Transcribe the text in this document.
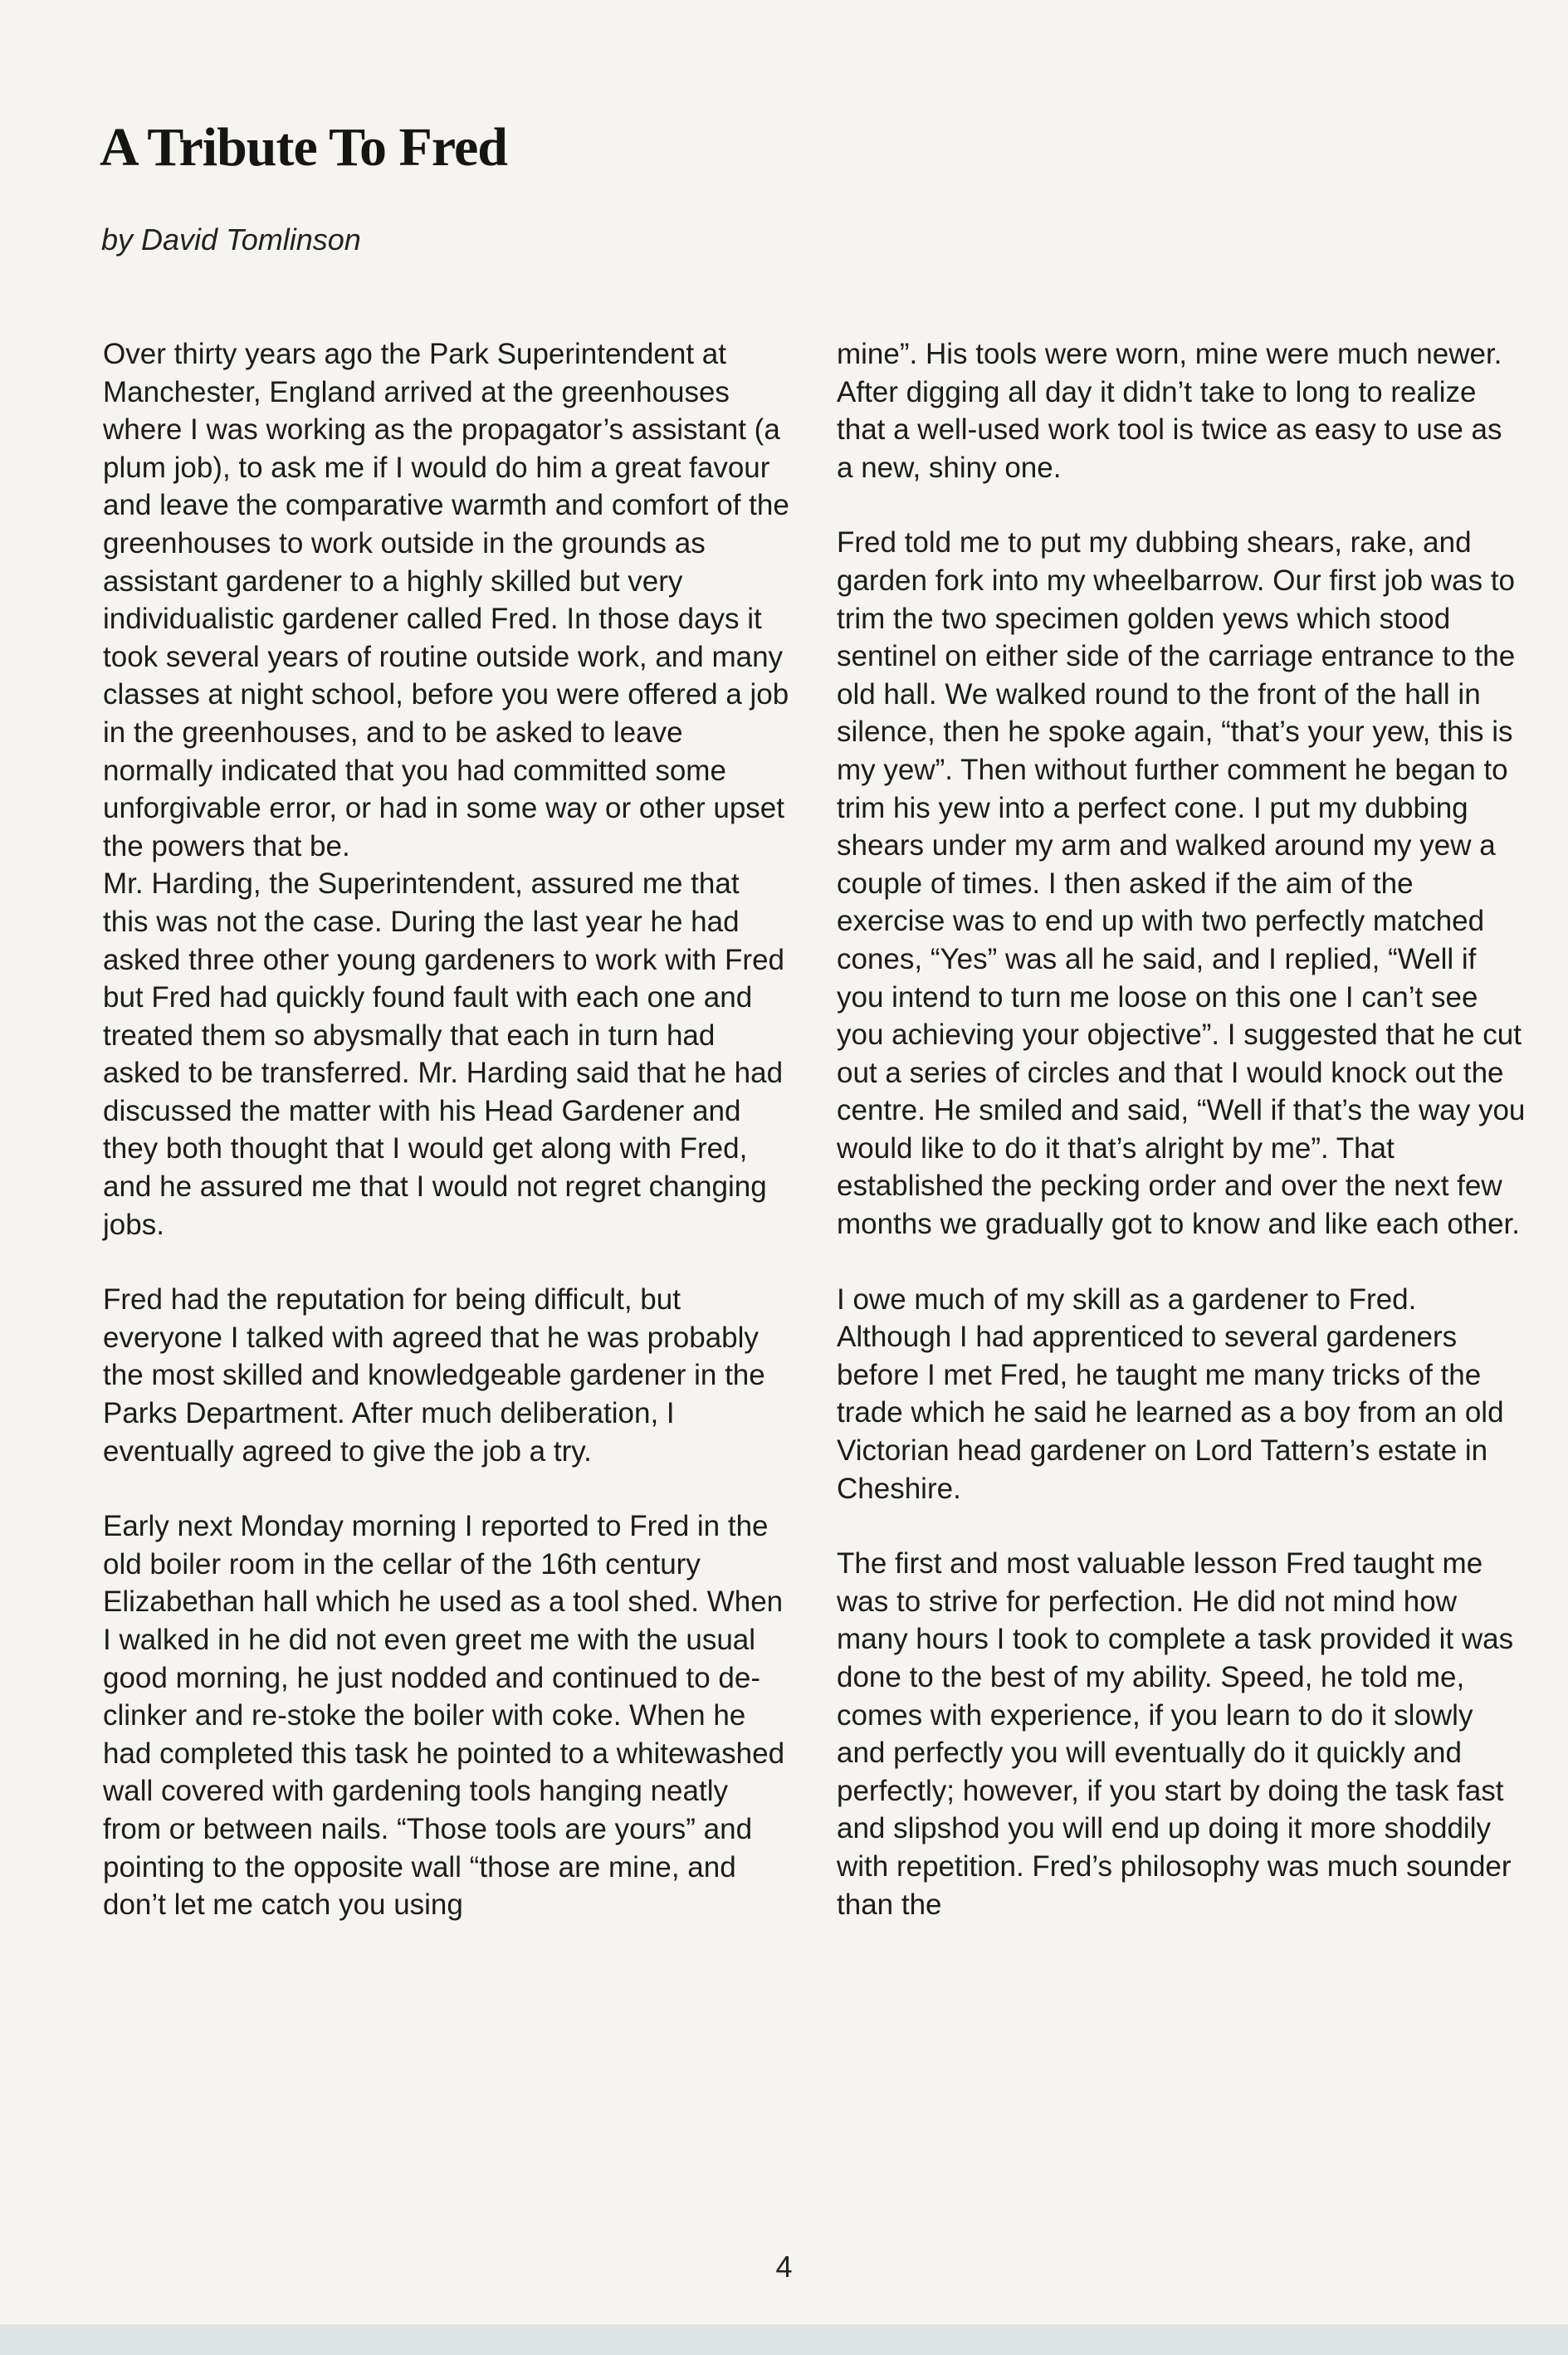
A Tribute To Fred

by David Tomlinson

Over thirty years ago the Park Superintendent at Manchester, England arrived at the greenhouses where I was working as the propagator’s assistant (a plum job), to ask me if I would do him a great favour and leave the comparative warmth and comfort of the greenhouses to work outside in the grounds as assistant gardener to a highly skilled but very individualistic gardener called Fred. In those days it took several years of routine outside work, and many classes at night school, before you were offered a job in the greenhouses, and to be asked to leave normally indicated that you had committed some unforgivable error, or had in some way or other upset the powers that be.

Mr. Harding, the Superintendent, assured me that this was not the case. During the last year he had asked three other young gardeners to work with Fred but Fred had quickly found fault with each one and treated them so abysmally that each in turn had asked to be transferred. Mr. Harding said that he had discussed the matter with his Head Gardener and they both thought that I would get along with Fred, and he assured me that I would not regret changing jobs.

Fred had the reputation for being difficult, but everyone I talked with agreed that he was probably the most skilled and knowledgeable gardener in the Parks Department. After much deliberation, I eventually agreed to give the job a try.

Early next Monday morning I reported to Fred in the old boiler room in the cellar of the 16th century Elizabethan hall which he used as a tool shed. When I walked in he did not even greet me with the usual good morning, he just nodded and continued to de-clinker and re-stoke the boiler with coke. When he had completed this task he pointed to a whitewashed wall covered with gardening tools hanging neatly from or between nails. “Those tools are yours” and pointing to the opposite wall “those are mine, and don’t let me catch you using

mine”. His tools were worn, mine were much newer. After digging all day it didn’t take to long to realize that a well-used work tool is twice as easy to use as a new, shiny one.

Fred told me to put my dubbing shears, rake, and garden fork into my wheelbarrow. Our first job was to trim the two specimen golden yews which stood sentinel on either side of the carriage entrance to the old hall. We walked round to the front of the hall in silence, then he spoke again, “that’s your yew, this is my yew”. Then without further comment he began to trim his yew into a perfect cone. I put my dubbing shears under my arm and walked around my yew a couple of times. I then asked if the aim of the exercise was to end up with two perfectly matched cones, “Yes” was all he said, and I replied, “Well if you intend to turn me loose on this one I can’t see you achieving your objective”. I suggested that he cut out a series of circles and that I would knock out the centre. He smiled and said, “Well if that’s the way you would like to do it that’s alright by me”. That established the pecking order and over the next few months we gradually got to know and like each other.

I owe much of my skill as a gardener to Fred. Although I had apprenticed to several gardeners before I met Fred, he taught me many tricks of the trade which he said he learned as a boy from an old Victorian head gardener on Lord Tattern’s estate in Cheshire.

The first and most valuable lesson Fred taught me was to strive for perfection. He did not mind how many hours I took to complete a task provided it was done to the best of my ability. Speed, he told me, comes with experience, if you learn to do it slowly and perfectly you will eventually do it quickly and perfectly; however, if you start by doing the task fast and slipshod you will end up doing it more shoddily with repetition. Fred’s philosophy was much sounder than the

4
